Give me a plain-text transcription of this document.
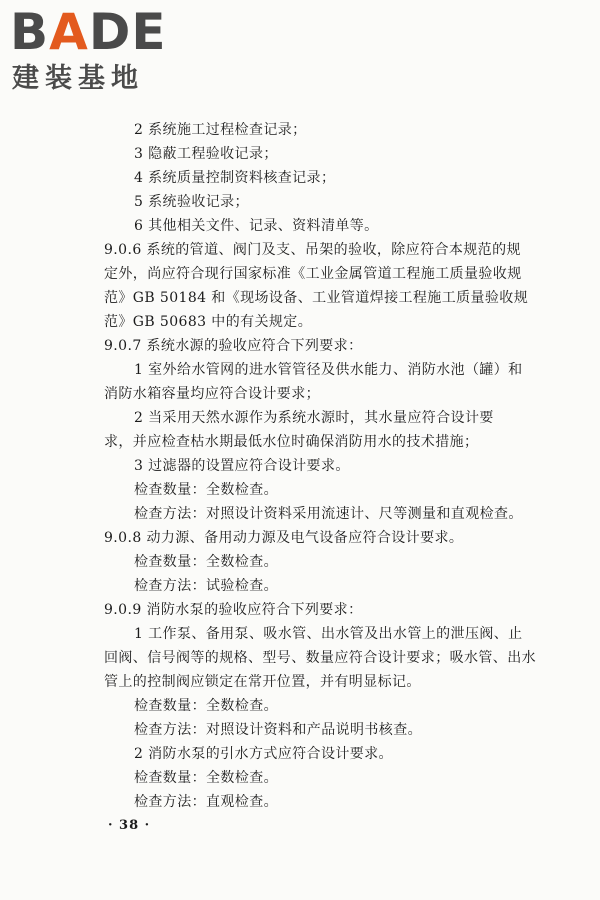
BADE
建装基地
2 系统施工过程检查记录；
3 隐蔽工程验收记录；
4 系统质量控制资料核查记录；
5 系统验收记录；
6 其他相关文件、记录、资料清单等。
9.0.6 系统的管道、阀门及支、吊架的验收，除应符合本规范的规
定外，尚应符合现行国家标准《工业金属管道工程施工质量验收规
范》GB 50184 和《现场设备、工业管道焊接工程施工质量验收规
范》GB 50683 中的有关规定。
9.0.7 系统水源的验收应符合下列要求：
1 室外给水管网的进水管管径及供水能力、消防水池（罐）和
消防水箱容量均应符合设计要求；
2 当采用天然水源作为系统水源时，其水量应符合设计要
求，并应检查枯水期最低水位时确保消防用水的技术措施；
3 过滤器的设置应符合设计要求。
检查数量：全数检查。
检查方法：对照设计资料采用流速计、尺等测量和直观检查。
9.0.8 动力源、备用动力源及电气设备应符合设计要求。
检查数量：全数检查。
检查方法：试验检查。
9.0.9 消防水泵的验收应符合下列要求：
1 工作泵、备用泵、吸水管、出水管及出水管上的泄压阀、止
回阀、信号阀等的规格、型号、数量应符合设计要求；吸水管、出水
管上的控制阀应锁定在常开位置，并有明显标记。
检查数量：全数检查。
检查方法：对照设计资料和产品说明书核查。
2 消防水泵的引水方式应符合设计要求。
检查数量：全数检查。
检查方法：直观检查。
· 38 ·
